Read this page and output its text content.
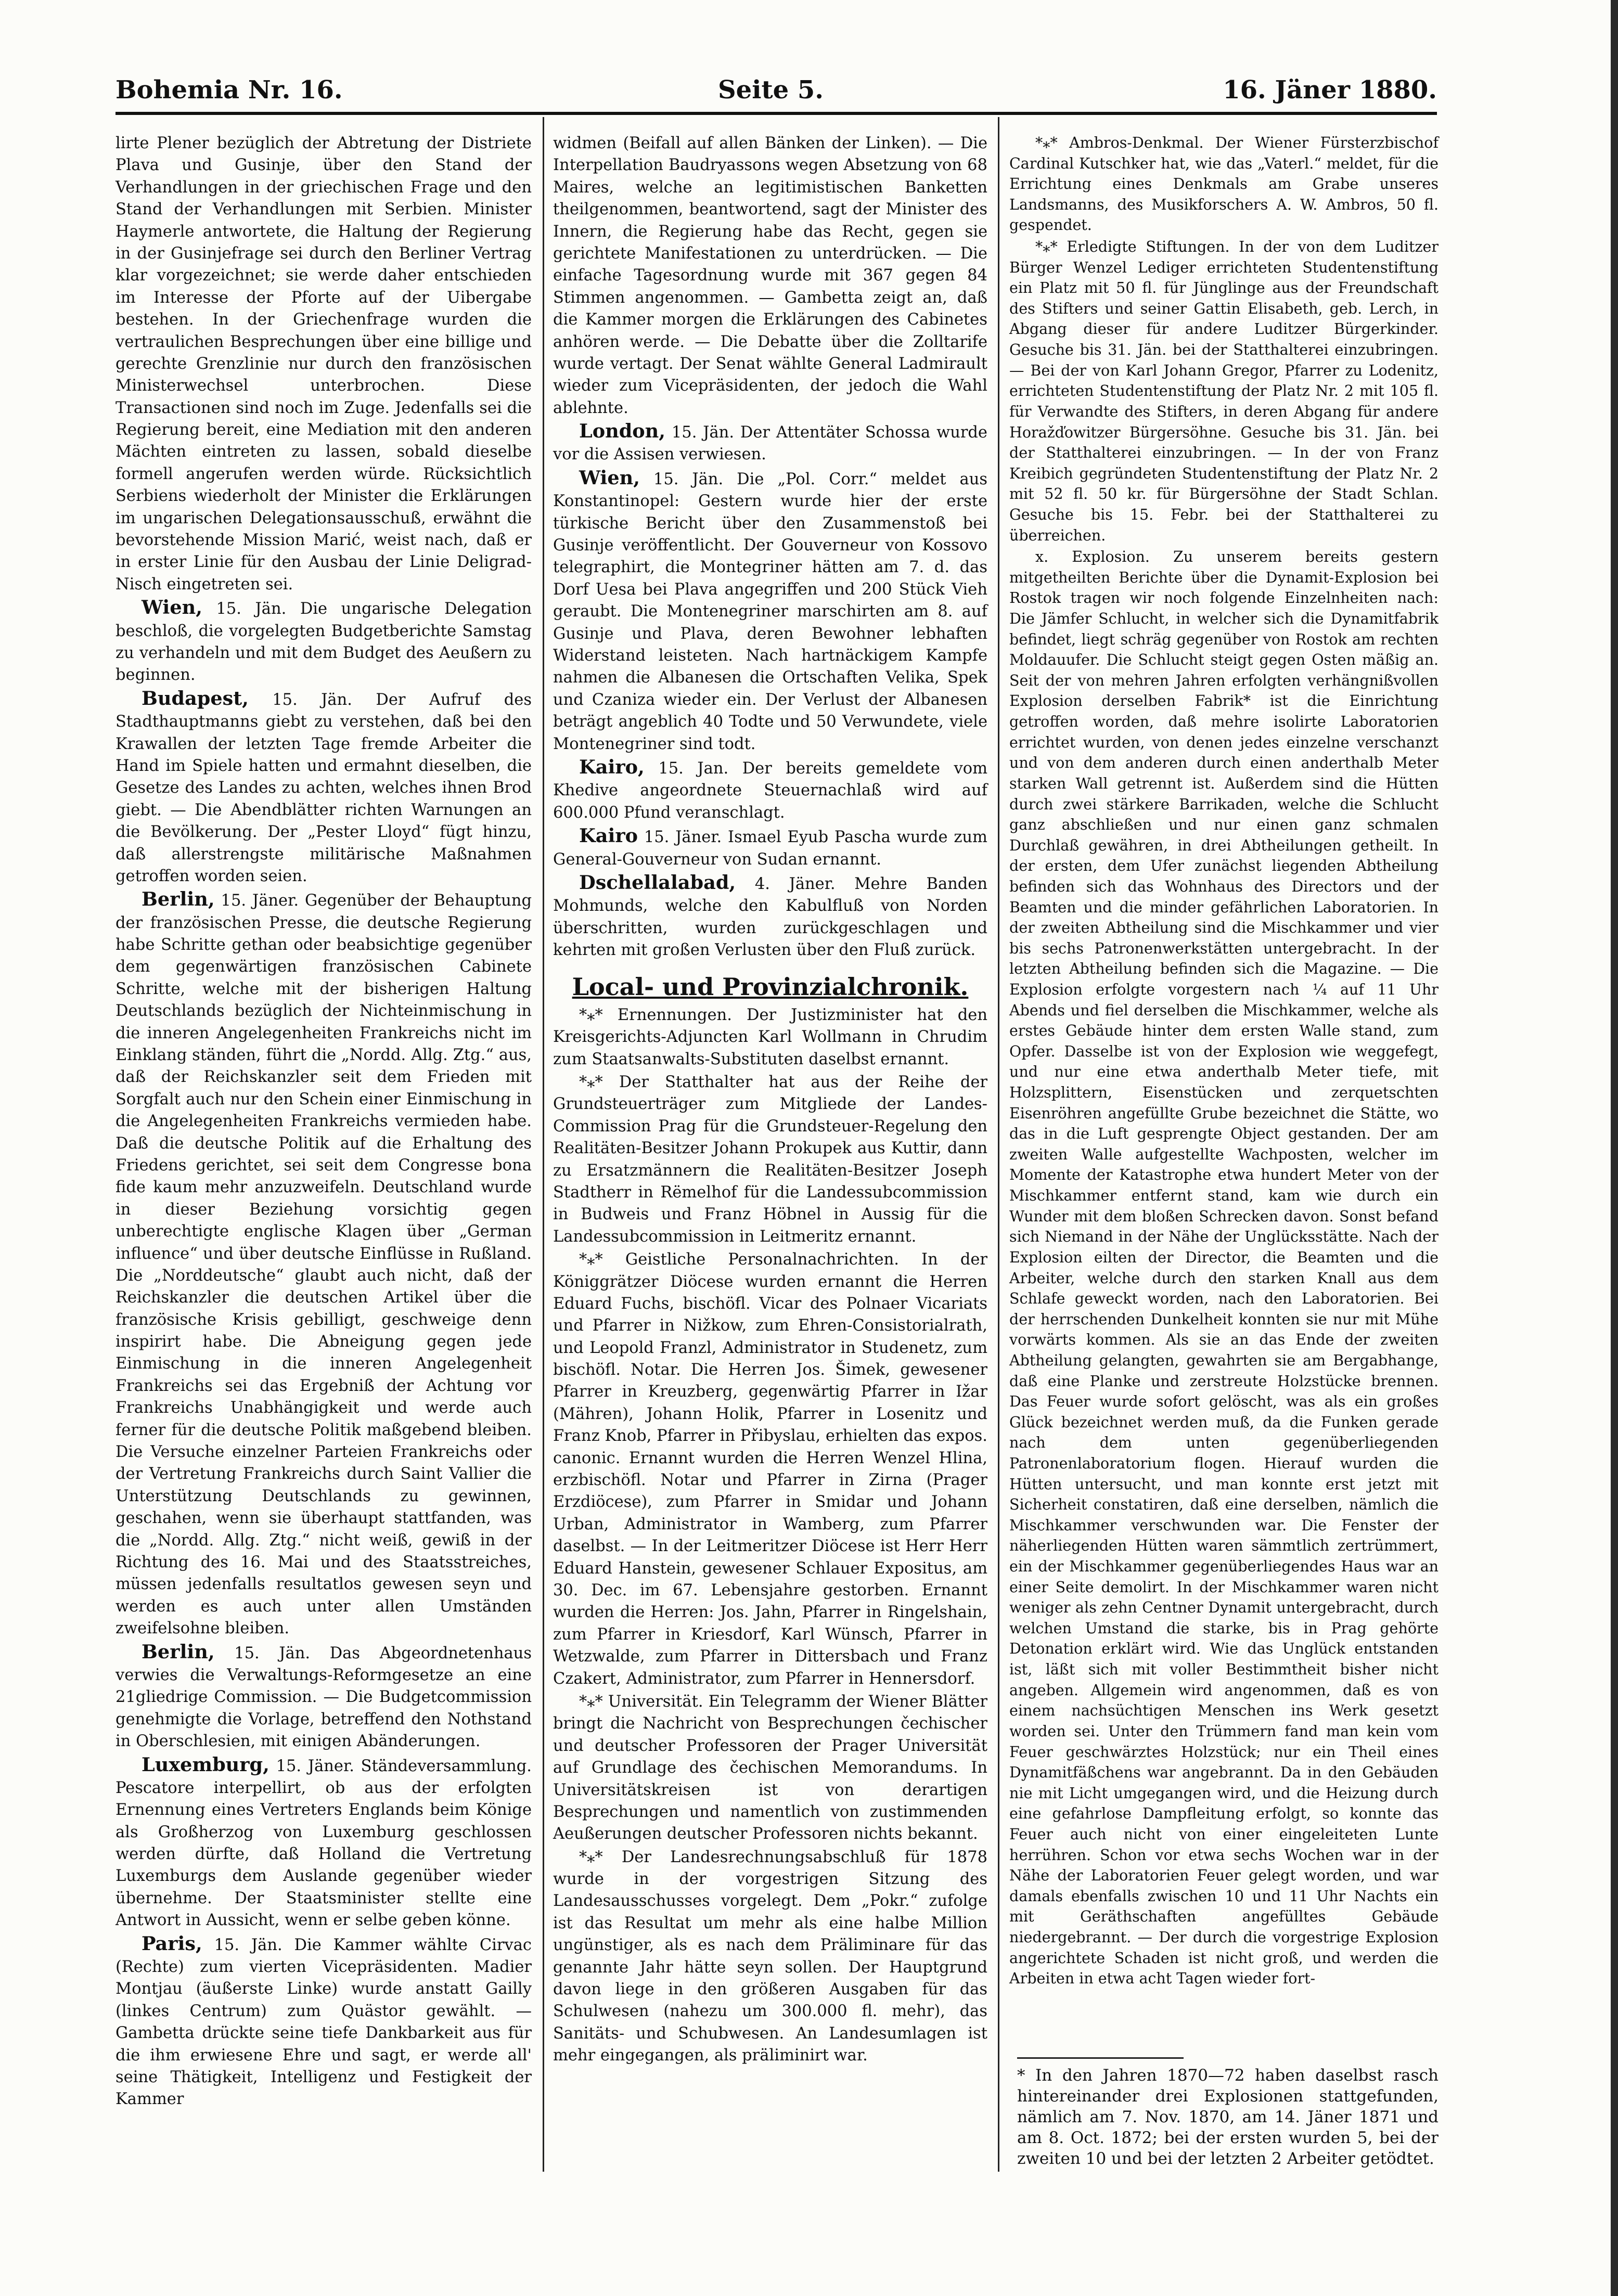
Bohemia Nr. 16.	Seite 5.	16. Jäner 1880.

lirte Plener bezüglich der Abtretung der Distriete Plava und Gusinje, über den Stand der Verhandlungen in der griechischen Frage und den Stand der Verhandlungen mit Serbien. Minister Haymerle antwortete, die Haltung der Regierung in der Gusinjefrage sei durch den Berliner Vertrag klar vorgezeichnet; sie werde daher entschieden im Interesse der Pforte auf der Uibergabe bestehen. In der Griechenfrage wurden die vertraulichen Besprechungen über eine billige und gerechte Grenzlinie nur durch den französischen Ministerwechsel unterbrochen. Diese Transactionen sind noch im Zuge. Jedenfalls sei die Regierung bereit, eine Mediation mit den anderen Mächten eintreten zu lassen, sobald dieselbe formell angerufen werden würde. Rücksichtlich Serbiens wiederholt der Minister die Erklärungen im ungarischen Delegationsausschuß, erwähnt die bevorstehende Mission Marić, weist nach, daß er in erster Linie für den Ausbau der Linie Deligrad-Nisch eingetreten sei.

Wien, 15. Jän. Die ungarische Delegation beschloß, die vorgelegten Budgetberichte Samstag zu verhandeln und mit dem Budget des Aeußern zu beginnen.

Budapest, 15. Jän. Der Aufruf des Stadthauptmanns giebt zu verstehen, daß bei den Krawallen der letzten Tage fremde Arbeiter die Hand im Spiele hatten und ermahnt dieselben, die Gesetze des Landes zu achten, welches ihnen Brod giebt. — Die Abendblätter richten Warnungen an die Bevölkerung. Der „Pester Lloyd“ fügt hinzu, daß allerstrengste militärische Maßnahmen getroffen worden seien.

Berlin, 15. Jäner. Gegenüber der Behauptung der französischen Presse, die deutsche Regierung habe Schritte gethan oder beabsichtige gegenüber dem gegenwärtigen französischen Cabinete Schritte, welche mit der bisherigen Haltung Deutschlands bezüglich der Nichteinmischung in die inneren Angelegenheiten Frankreichs nicht im Einklang ständen, führt die „Nordd. Allg. Ztg.“ aus, daß der Reichskanzler seit dem Frieden mit Sorgfalt auch nur den Schein einer Einmischung in die Angelegenheiten Frankreichs vermieden habe. Daß die deutsche Politik auf die Erhaltung des Friedens gerichtet, sei seit dem Congresse bona fide kaum mehr anzuzweifeln. Deutschland wurde in dieser Beziehung vorsichtig gegen unberechtigte englische Klagen über „German influence“ und über deutsche Einflüsse in Rußland. Die „Norddeutsche“ glaubt auch nicht, daß der Reichskanzler die deutschen Artikel über die französische Krisis gebilligt, geschweige denn inspirirt habe. Die Abneigung gegen jede Einmischung in die inneren Angelegenheit Frankreichs sei das Ergebniß der Achtung vor Frankreichs Unabhängigkeit und werde auch ferner für die deutsche Politik maßgebend bleiben. Die Versuche einzelner Parteien Frankreichs oder der Vertretung Frankreichs durch Saint Vallier die Unterstützung Deutschlands zu gewinnen, geschahen, wenn sie überhaupt stattfanden, was die „Nordd. Allg. Ztg.“ nicht weiß, gewiß in der Richtung des 16. Mai und des Staatsstreiches, müssen jedenfalls resultatlos gewesen seyn und werden es auch unter allen Umständen zweifelsohne bleiben.

Berlin, 15. Jän. Das Abgeordnetenhaus verwies die Verwaltungs-Reformgesetze an eine 21gliedrige Commission. — Die Budgetcommission genehmigte die Vorlage, betreffend den Nothstand in Oberschlesien, mit einigen Abänderungen.

Luxemburg, 15. Jäner. Ständeversammlung. Pescatore interpellirt, ob aus der erfolgten Ernennung eines Vertreters Englands beim Könige als Großherzog von Luxemburg geschlossen werden dürfte, daß Holland die Vertretung Luxemburgs dem Auslande gegenüber wieder übernehme. Der Staatsminister stellte eine Antwort in Aussicht, wenn er selbe geben könne.

Paris, 15. Jän. Die Kammer wählte Cirvac (Rechte) zum vierten Vicepräsidenten. Madier Montjau (äußerste Linke) wurde anstatt Gailly (linkes Centrum) zum Quästor gewählt. — Gambetta drückte seine tiefe Dankbarkeit aus für die ihm erwiesene Ehre und sagt, er werde all' seine Thätigkeit, Intelligenz und Festigkeit der Kammer

widmen (Beifall auf allen Bänken der Linken). — Die Interpellation Baudryassons wegen Absetzung von 68 Maires, welche an legitimistischen Banketten theilgenommen, beantwortend, sagt der Minister des Innern, die Regierung habe das Recht, gegen sie gerichtete Manifestationen zu unterdrücken. — Die einfache Tagesordnung wurde mit 367 gegen 84 Stimmen angenommen. — Gambetta zeigt an, daß die Kammer morgen die Erklärungen des Cabinetes anhören werde. — Die Debatte über die Zolltarife wurde vertagt. Der Senat wählte General Ladmirault wieder zum Vicepräsidenten, der jedoch die Wahl ablehnte.

London, 15. Jän. Der Attentäter Schossa wurde vor die Assisen verwiesen.

Wien, 15. Jän. Die „Pol. Corr.“ meldet aus Konstantinopel: Gestern wurde hier der erste türkische Bericht über den Zusammenstoß bei Gusinje veröffentlicht. Der Gouverneur von Kossovo telegraphirt, die Montegriner hätten am 7. d. das Dorf Uesa bei Plava angegriffen und 200 Stück Vieh geraubt. Die Montenegriner marschirten am 8. auf Gusinje und Plava, deren Bewohner lebhaften Widerstand leisteten. Nach hartnäckigem Kampfe nahmen die Albanesen die Ortschaften Velika, Spek und Czaniza wieder ein. Der Verlust der Albanesen beträgt angeblich 40 Todte und 50 Verwundete, viele Montenegriner sind todt.

Kairo, 15. Jan. Der bereits gemeldete vom Khedive angeordnete Steuernachlaß wird auf 600.000 Pfund veranschlagt.

Kairo 15. Jäner. Ismael Eyub Pascha wurde zum General-Gouverneur von Sudan ernannt.

Dschellalabad, 4. Jäner. Mehre Banden Mohmunds, welche den Kabulfluß von Norden überschritten, wurden zurückgeschlagen und kehrten mit großen Verlusten über den Fluß zurück.

Local- und Provinzialchronik.

*⁎* Ernennungen. Der Justizminister hat den Kreisgerichts-Adjuncten Karl Wollmann in Chrudim zum Staatsanwalts-Substituten daselbst ernannt.

*⁎* Der Statthalter hat aus der Reihe der Grundsteuerträger zum Mitgliede der Landes-Commission Prag für die Grundsteuer-Regelung den Realitäten-Besitzer Johann Prokupek aus Kuttir, dann zu Ersatzmännern die Realitäten-Besitzer Joseph Stadtherr in Rëmelhof für die Landessubcommission in Budweis und Franz Höbnel in Aussig für die Landessubcommission in Leitmeritz ernannt.

*⁎* Geistliche Personalnachrichten. In der Königgrätzer Diöcese wurden ernannt die Herren Eduard Fuchs, bischöfl. Vicar des Polnaer Vicariats und Pfarrer in Nižkow, zum Ehren-Consistorialrath, und Leopold Franzl, Administrator in Studenetz, zum bischöfl. Notar. Die Herren Jos. Šimek, gewesener Pfarrer in Kreuzberg, gegenwärtig Pfarrer in Ižar (Mähren), Johann Holik, Pfarrer in Losenitz und Franz Knob, Pfarrer in Přibyslau, erhielten das expos. canonic. Ernannt wurden die Herren Wenzel Hlina, erzbischöfl. Notar und Pfarrer in Zirna (Prager Erzdiöcese), zum Pfarrer in Smidar und Johann Urban, Administrator in Wamberg, zum Pfarrer daselbst. — In der Leitmeritzer Diöcese ist Herr Herr Eduard Hanstein, gewesener Schlauer Expositus, am 30. Dec. im 67. Lebensjahre gestorben. Ernannt wurden die Herren: Jos. Jahn, Pfarrer in Ringelshain, zum Pfarrer in Kriesdorf, Karl Wünsch, Pfarrer in Wetzwalde, zum Pfarrer in Dittersbach und Franz Czakert, Administrator, zum Pfarrer in Hennersdorf.

*⁎* Universität. Ein Telegramm der Wiener Blätter bringt die Nachricht von Besprechungen čechischer und deutscher Professoren der Prager Universität auf Grundlage des čechischen Memorandums. In Universitätskreisen ist von derartigen Besprechungen und namentlich von zustimmenden Aeußerungen deutscher Professoren nichts bekannt.

*⁎* Der Landesrechnungsabschluß für 1878 wurde in der vorgestrigen Sitzung des Landesausschusses vorgelegt. Dem „Pokr.“ zufolge ist das Resultat um mehr als eine halbe Million ungünstiger, als es nach dem Präliminare für das genannte Jahr hätte seyn sollen. Der Hauptgrund davon liege in den größeren Ausgaben für das Schulwesen (nahezu um 300.000 fl. mehr), das Sanitäts- und Schubwesen. An Landesumlagen ist mehr eingegangen, als präliminirt war.

*⁎* Ambros-Denkmal. Der Wiener Fürsterzbischof Cardinal Kutschker hat, wie das „Vaterl.“ meldet, für die Errichtung eines Denkmals am Grabe unseres Landsmanns, des Musikforschers A. W. Ambros, 50 fl. gespendet.

*⁎* Erledigte Stiftungen. In der von dem Luditzer Bürger Wenzel Lediger errichteten Studentenstiftung ein Platz mit 50 fl. für Jünglinge aus der Freundschaft des Stifters und seiner Gattin Elisabeth, geb. Lerch, in Abgang dieser für andere Luditzer Bürgerkinder. Gesuche bis 31. Jän. bei der Statthalterei einzubringen. — Bei der von Karl Johann Gregor, Pfarrer zu Lodenitz, errichteten Studentenstiftung der Platz Nr. 2 mit 105 fl. für Verwandte des Stifters, in deren Abgang für andere Horažďowitzer Bürgersöhne. Gesuche bis 31. Jän. bei der Statthalterei einzubringen. — In der von Franz Kreibich gegründeten Studentenstiftung der Platz Nr. 2 mit 52 fl. 50 kr. für Bürgersöhne der Stadt Schlan. Gesuche bis 15. Febr. bei der Statthalterei zu überreichen.

x. Explosion. Zu unserem bereits gestern mitgetheilten Berichte über die Dynamit-Explosion bei Rostok tragen wir noch folgende Einzelnheiten nach: Die Jämfer Schlucht, in welcher sich die Dynamitfabrik befindet, liegt schräg gegenüber von Rostok am rechten Moldauufer. Die Schlucht steigt gegen Osten mäßig an. Seit der von mehren Jahren erfolgten verhängnißvollen Explosion derselben Fabrik* ist die Einrichtung getroffen worden, daß mehre isolirte Laboratorien errichtet wurden, von denen jedes einzelne verschanzt und von dem anderen durch einen anderthalb Meter starken Wall getrennt ist. Außerdem sind die Hütten durch zwei stärkere Barrikaden, welche die Schlucht ganz abschließen und nur einen ganz schmalen Durchlaß gewähren, in drei Abtheilungen getheilt. In der ersten, dem Ufer zunächst liegenden Abtheilung befinden sich das Wohnhaus des Directors und der Beamten und die minder gefährlichen Laboratorien. In der zweiten Abtheilung sind die Mischkammer und vier bis sechs Patronenwerkstätten untergebracht. In der letzten Abtheilung befinden sich die Magazine. — Die Explosion erfolgte vorgestern nach ¼ auf 11 Uhr Abends und fiel derselben die Mischkammer, welche als erstes Gebäude hinter dem ersten Walle stand, zum Opfer. Dasselbe ist von der Explosion wie weggefegt, und nur eine etwa anderthalb Meter tiefe, mit Holzsplittern, Eisenstücken und zerquetschten Eisenröhren angefüllte Grube bezeichnet die Stätte, wo das in die Luft gesprengte Object gestanden. Der am zweiten Walle aufgestellte Wachposten, welcher im Momente der Katastrophe etwa hundert Meter von der Mischkammer entfernt stand, kam wie durch ein Wunder mit dem bloßen Schrecken davon. Sonst befand sich Niemand in der Nähe der Unglücksstätte. Nach der Explosion eilten der Director, die Beamten und die Arbeiter, welche durch den starken Knall aus dem Schlafe geweckt worden, nach den Laboratorien. Bei der herrschenden Dunkelheit konnten sie nur mit Mühe vorwärts kommen. Als sie an das Ende der zweiten Abtheilung gelangten, gewahrten sie am Bergabhange, daß eine Planke und zerstreute Holzstücke brennen. Das Feuer wurde sofort gelöscht, was als ein großes Glück bezeichnet werden muß, da die Funken gerade nach dem unten gegenüberliegenden Patronenlaboratorium flogen. Hierauf wurden die Hütten untersucht, und man konnte erst jetzt mit Sicherheit constatiren, daß eine derselben, nämlich die Mischkammer verschwunden war. Die Fenster der näherliegenden Hütten waren sämmtlich zertrümmert, ein der Mischkammer gegenüberliegendes Haus war an einer Seite demolirt. In der Mischkammer waren nicht weniger als zehn Centner Dynamit untergebracht, durch welchen Umstand die starke, bis in Prag gehörte Detonation erklärt wird. Wie das Unglück entstanden ist, läßt sich mit voller Bestimmtheit bisher nicht angeben. Allgemein wird angenommen, daß es von einem nachsüchtigen Menschen ins Werk gesetzt worden sei. Unter den Trümmern fand man kein vom Feuer geschwärztes Holzstück; nur ein Theil eines Dynamitfäßchens war angebrannt. Da in den Gebäuden nie mit Licht umgegangen wird, und die Heizung durch eine gefahrlose Dampfleitung erfolgt, so konnte das Feuer auch nicht von einer eingeleiteten Lunte herrühren. Schon vor etwa sechs Wochen war in der Nähe der Laboratorien Feuer gelegt worden, und war damals ebenfalls zwischen 10 und 11 Uhr Nachts ein mit Geräthschaften angefülltes Gebäude niedergebrannt. — Der durch die vorgestrige Explosion angerichtete Schaden ist nicht groß, und werden die Arbeiten in etwa acht Tagen wieder fort-

* In den Jahren 1870—72 haben daselbst rasch hintereinander drei Explosionen stattgefunden, nämlich am 7. Nov. 1870, am 14. Jäner 1871 und am 8. Oct. 1872; bei der ersten wurden 5, bei der zweiten 10 und bei der letzten 2 Arbeiter getödtet.
